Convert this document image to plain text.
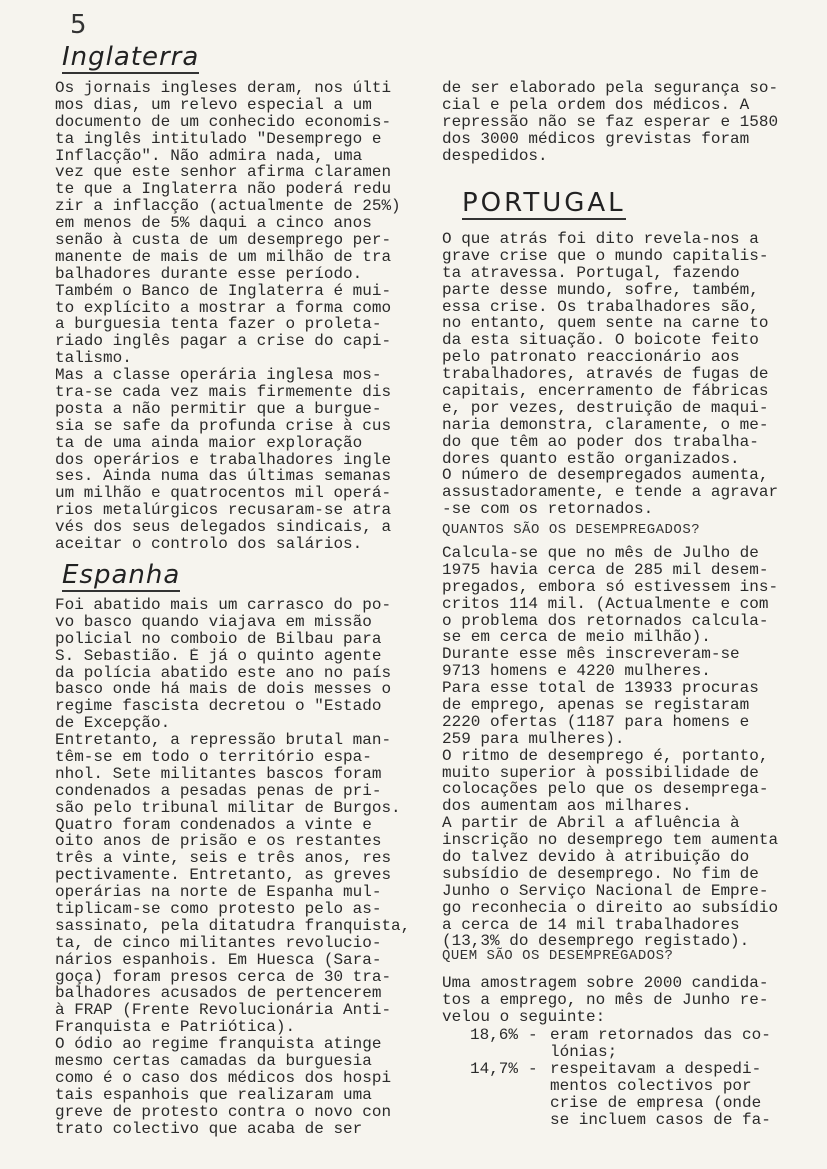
5
Inglaterra
Os jornais ingleses deram, nos últi
mos dias, um relevo especial a um
documento de um conhecido economis-
ta inglês intitulado "Desemprego e
Inflacção". Não admira nada, uma
vez que este senhor afirma claramen
te que a Inglaterra não poderá redu
zir a inflacção (actualmente de 25%)
em menos de 5% daqui a cinco anos
senão à custa de um desemprego per-
manente de mais de um milhão de tra
balhadores durante esse período.
Também o Banco de Inglaterra é mui-
to explícito a mostrar a forma como
a burguesia tenta fazer o proleta-
riado inglês pagar a crise do capi-
talismo.
Mas a classe operária inglesa mos-
tra-se cada vez mais firmemente dis
posta a não permitir que a burgue-
sia se safe da profunda crise à cus
ta de uma ainda maior exploração
dos operários e trabalhadores ingle
ses. Ainda numa das últimas semanas
um milhão e quatrocentos mil operá-
rios metalúrgicos recusaram-se atra
vés dos seus delegados sindicais, a
aceitar o controlo dos salários.
Espanha
Foi abatido mais um carrasco do po-
vo basco quando viajava em missão
policial no comboio de Bilbau para
S. Sebastião. É já o quinto agente
da polícia abatido este ano no país
basco onde há mais de dois messes o
regime fascista decretou o "Estado
de Excepção.
Entretanto, a repressão brutal man-
têm-se em todo o território espa-
nhol. Sete militantes bascos foram
condenados a pesadas penas de pri-
são pelo tribunal militar de Burgos.
Quatro foram condenados a vinte e
oito anos de prisão e os restantes
três a vinte, seis e três anos, res
pectivamente. Entretanto, as greves
operárias na norte de Espanha mul-
tiplicam-se como protesto pelo as-
sassinato, pela ditatudra franquista,
ta, de cinco militantes revolucio-
nários espanhois. Em Huesca (Sara-
goça) foram presos cerca de 30 tra-
balhadores acusados de pertencerem
à FRAP (Frente Revolucionária Anti-
Franquista e Patriótica).
O ódio ao regime franquista atinge
mesmo certas camadas da burguesia
como é o caso dos médicos dos hospi
tais espanhois que realizaram uma
greve de protesto contra o novo con
trato colectivo que acaba de ser
de ser elaborado pela segurança so-
cial e pela ordem dos médicos. A
repressão não se faz esperar e 1580
dos 3000 médicos grevistas foram
despedidos.
PORTUGAL
O que atrás foi dito revela-nos a
grave crise que o mundo capitalis-
ta atravessa. Portugal, fazendo
parte desse mundo, sofre, também,
essa crise. Os trabalhadores são,
no entanto, quem sente na carne to
da esta situação. O boicote feito
pelo patronato reaccionário aos
trabalhadores, através de fugas de
capitais, encerramento de fábricas
e, por vezes, destruição de maqui-
naria demonstra, claramente, o me-
do que têm ao poder dos trabalha-
dores quanto estão organizados.
O número de desempregados aumenta,
assustadoramente, e tende a agravar
-se com os retornados.
QUANTOS SÃO OS DESEMPREGADOS?
Calcula-se que no mês de Julho de
1975 havia cerca de 285 mil desem-
pregados, embora só estivessem ins-
critos 114 mil. (Actualmente e com
o problema dos retornados calcula-
se em cerca de meio milhão).
Durante esse mês inscreveram-se
9713 homens e 4220 mulheres.
Para esse total de 13933 procuras
de emprego, apenas se registaram
2220 ofertas (1187 para homens e
259 para mulheres).
O ritmo de desemprego é, portanto,
muito superior à possibilidade de
colocações pelo que os desemprega-
dos aumentam aos milhares.
A partir de Abril a afluência à
inscrição no desemprego tem aumenta
do talvez devido à atribuição do
subsídio de desemprego. No fim de
Junho o Serviço Nacional de Empre-
go reconhecia o direito ao subsídio
a cerca de 14 mil trabalhadores
(13,3% do desemprego registado).
QUEM SÃO OS DESEMPREGADOS?
Uma amostragem sobre 2000 candida-
tos a emprego, no mês de Junho re-
velou o seguinte:
18,6% - eram retornados das co-
lónias;
14,7% - respeitavam a despedi-
mentos colectivos por
crise de empresa (onde
se incluem casos de fa-
